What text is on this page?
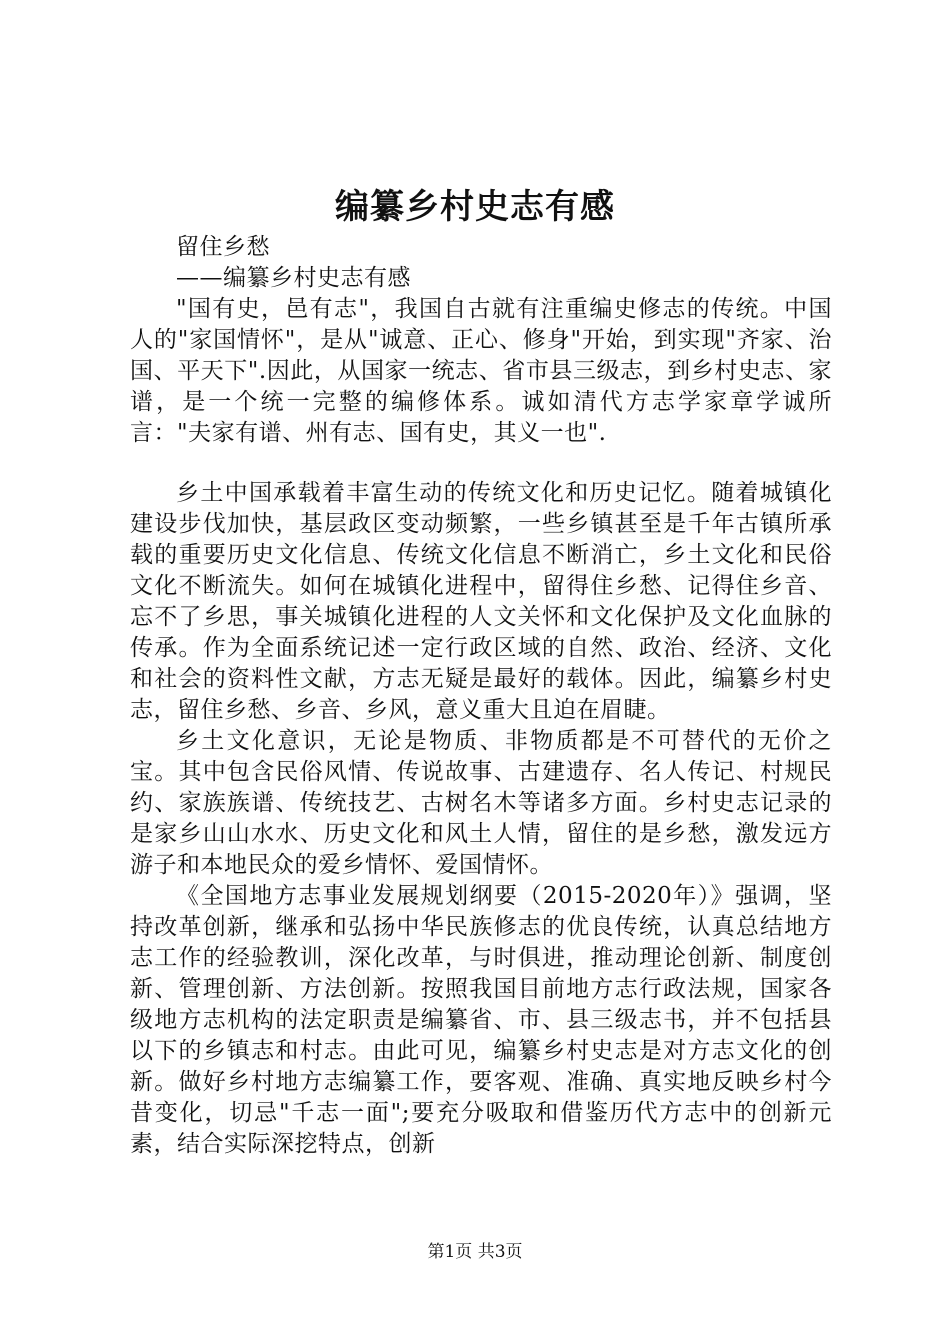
编纂乡村史志有感

留住乡愁

——编纂乡村史志有感

"国有史，邑有志"，我国自古就有注重编史修志的传统。中国人的"家国情怀"，是从"诚意、正心、修身"开始，到实现"齐家、治国、平天下".因此，从国家一统志、省市县三级志，到乡村史志、家谱，是一个统一完整的编修体系。诚如清代方志学家章学诚所言："夫家有谱、州有志、国有史，其义一也".

乡土中国承载着丰富生动的传统文化和历史记忆。随着城镇化建设步伐加快，基层政区变动频繁，一些乡镇甚至是千年古镇所承载的重要历史文化信息、传统文化信息不断消亡，乡土文化和民俗文化不断流失。如何在城镇化进程中，留得住乡愁、记得住乡音、忘不了乡思，事关城镇化进程的人文关怀和文化保护及文化血脉的传承。作为全面系统记述一定行政区域的自然、政治、经济、文化和社会的资料性文献，方志无疑是最好的载体。因此，编纂乡村史志，留住乡愁、乡音、乡风，意义重大且迫在眉睫。

乡土文化意识，无论是物质、非物质都是不可替代的无价之宝。其中包含民俗风情、传说故事、古建遗存、名人传记、村规民约、家族族谱、传统技艺、古树名木等诸多方面。乡村史志记录的是家乡山山水水、历史文化和风土人情，留住的是乡愁，激发远方游子和本地民众的爱乡情怀、爱国情怀。

《全国地方志事业发展规划纲要（2015-2020年）》强调，坚持改革创新，继承和弘扬中华民族修志的优良传统，认真总结地方志工作的经验教训，深化改革，与时俱进，推动理论创新、制度创新、管理创新、方法创新。按照我国目前地方志行政法规，国家各级地方志机构的法定职责是编纂省、市、县三级志书，并不包括县以下的乡镇志和村志。由此可见，编纂乡村史志是对方志文化的创新。做好乡村地方志编纂工作，要客观、准确、真实地反映乡村今昔变化，切忌"千志一面";要充分吸取和借鉴历代方志中的创新元素，结合实际深挖特点，创新

第1页 共3页
